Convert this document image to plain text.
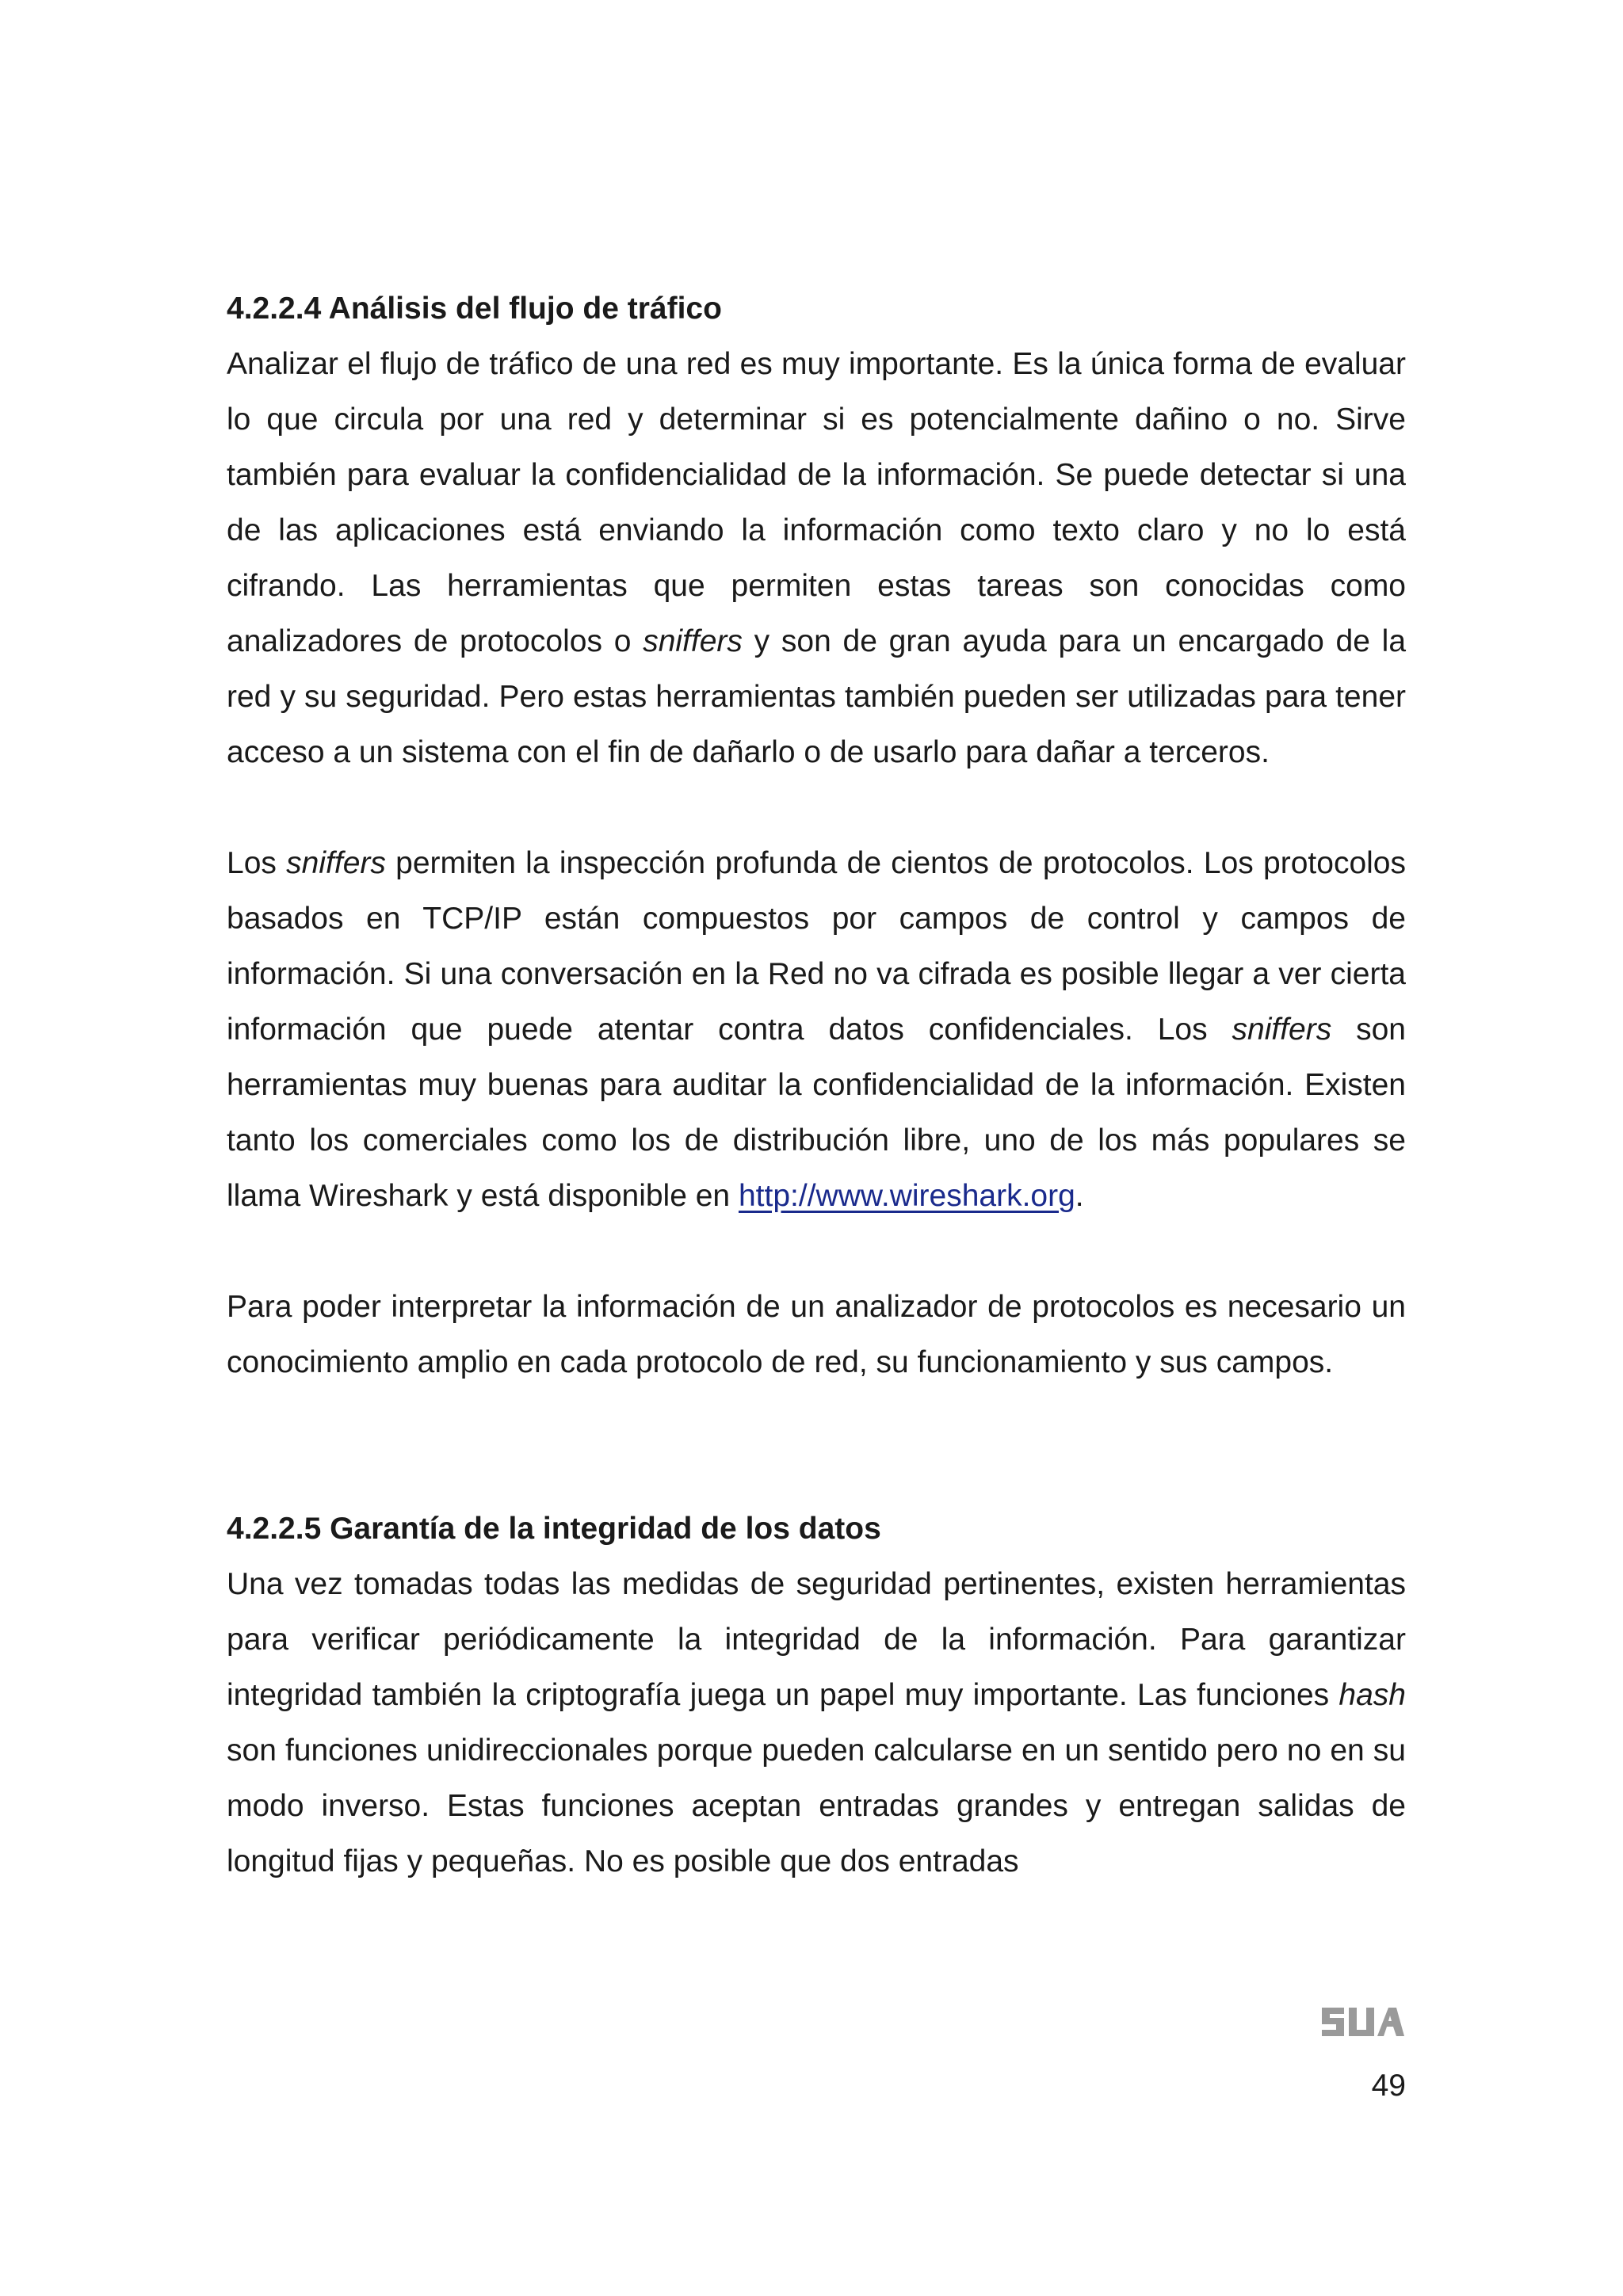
4.2.2.4 Análisis del flujo de tráfico

Analizar el flujo de tráfico de una red es muy importante. Es la única forma de evaluar lo que circula por una red y determinar si es potencialmente dañino o no. Sirve también para evaluar la confidencialidad de la información. Se puede detectar si una de las aplicaciones está enviando la información como texto claro y no lo está cifrando. Las herramientas que permiten estas tareas son conocidas como analizadores de protocolos o sniffers y son de gran ayuda para un encargado de la red y su seguridad. Pero estas herramientas también pueden ser utilizadas para tener acceso a un sistema con el fin de dañarlo o de usarlo para dañar a terceros.

Los sniffers permiten la inspección profunda de cientos de protocolos. Los protocolos basados en TCP/IP están compuestos por campos de control y campos de información. Si una conversación en la Red no va cifrada es posible llegar a ver cierta información que puede atentar contra datos confidenciales. Los sniffers son herramientas muy buenas para auditar la confidencialidad de la información. Existen tanto los comerciales como los de distribución libre, uno de los más populares se llama Wireshark y está disponible en http://www.wireshark.org.

Para poder interpretar la información de un analizador de protocolos es necesario un conocimiento amplio en cada protocolo de red, su funcionamiento y sus campos.

4.2.2.5 Garantía de la integridad de los datos

Una vez tomadas todas las medidas de seguridad pertinentes, existen herramientas para verificar periódicamente la integridad de la información. Para garantizar integridad también la criptografía juega un papel muy importante. Las funciones hash son funciones unidireccionales porque pueden calcularse en un sentido pero no en su modo inverso. Estas funciones aceptan entradas grandes y entregan salidas de longitud fijas y pequeñas. No es posible que dos entradas

49
